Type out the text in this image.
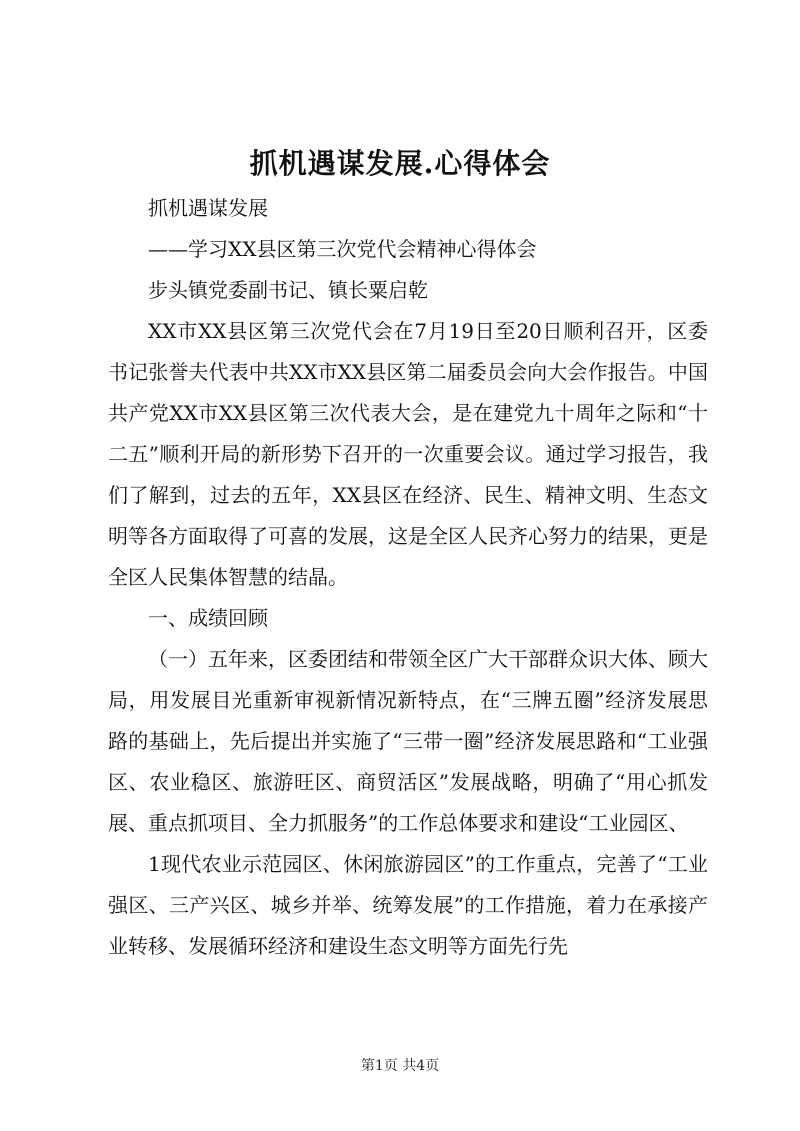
抓机遇谋发展.心得体会

抓机遇谋发展

——学习XX县区第三次党代会精神心得体会

步头镇党委副书记、镇长粟启乾

XX市XX县区第三次党代会在7月19日至20日顺利召开，区委书记张誉夫代表中共XX市XX县区第二届委员会向大会作报告。中国共产党XX市XX县区第三次代表大会，是在建党九十周年之际和“十二五”顺利开局的新形势下召开的一次重要会议。通过学习报告，我们了解到，过去的五年，XX县区在经济、民生、精神文明、生态文明等各方面取得了可喜的发展，这是全区人民齐心努力的结果，更是全区人民集体智慧的结晶。

一、成绩回顾

（一）五年来，区委团结和带领全区广大干部群众识大体、顾大局，用发展目光重新审视新情况新特点，在“三牌五圈”经济发展思路的基础上，先后提出并实施了“三带一圈”经济发展思路和“工业强区、农业稳区、旅游旺区、商贸活区”发展战略，明确了“用心抓发展、重点抓项目、全力抓服务”的工作总体要求和建设“工业园区、

1现代农业示范园区、休闲旅游园区”的工作重点，完善了“工业强区、三产兴区、城乡并举、统筹发展”的工作措施，着力在承接产业转移、发展循环经济和建设生态文明等方面先行先

第1页 共4页
